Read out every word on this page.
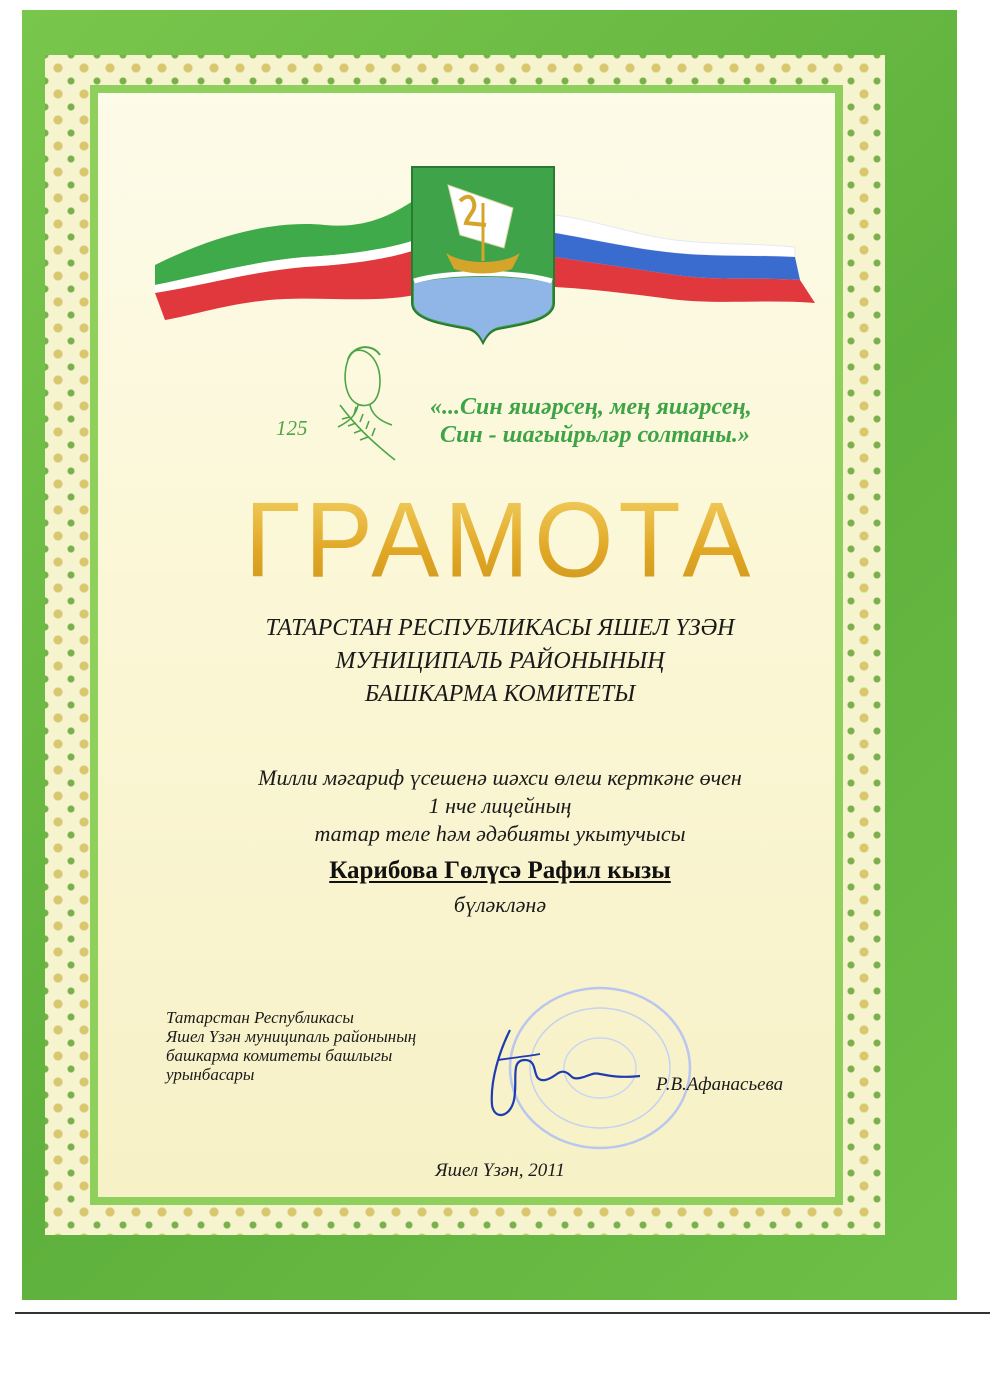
125
«...Син яшәрсең, мең яшәрсең,
Син - шагыйрьләр солтаны.»
ГРАМОТА
ТАТАРСТАН РЕСПУБЛИКАСЫ ЯШЕЛ ҮЗӘН
МУНИЦИПАЛЬ РАЙОНЫНЫҢ
БАШКАРМА КОМИТЕТЫ
Милли мәгариф үсешенә шәхси өлеш керткәне өчен
1 нче лицейның
татар теле һәм әдәбияты укытучысы
Карибова Гөлүсә Рафил кызы
бүләкләнә
Татарстан Республикасы
Яшел Үзән муниципаль районының
башкарма комитеты башлыгы
урынбасары	Р.В.Афанасьева
Яшел Үзән, 2011
